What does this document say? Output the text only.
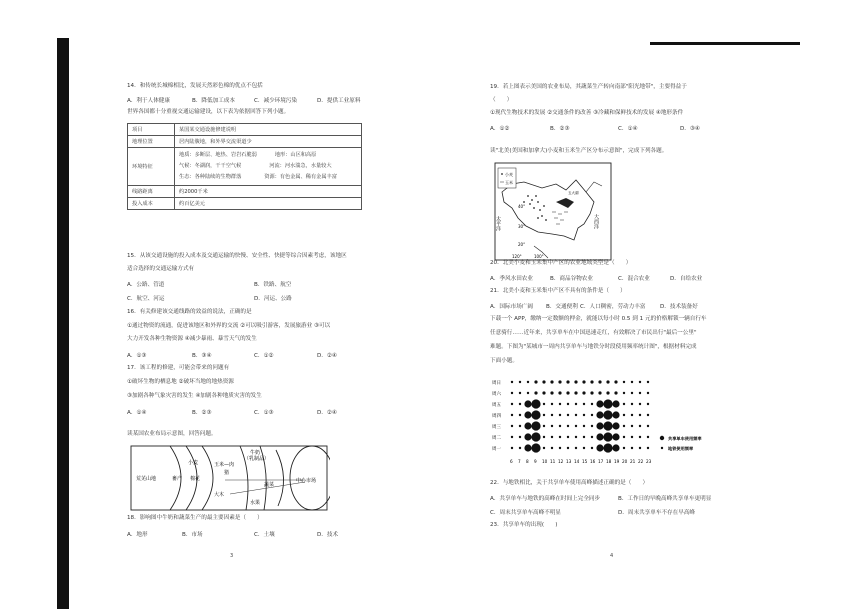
14．和传统长城棉相比，发展天然彩色棉的优点不包括
A．利于人体健康	B．降低加工成本	C．减少环境污染	D．提供工业原料
世界各国都十分重视交通运输建设，以下表为依据回答下列小题。
项目	某国某交通设施修建说明
地理位置	居内陆腹地，和外界交流渠道少
环境特征	地质：多断层、地热、岩岩石脆弱 地形：山区和高原
气候：冬湖润，干干空气候 河流：河水湍急，水量较大
生态：各种陆续的生物群落 资源：有色金属、稀有金属丰富

线路距离	约2000千米
投入成本	约百亿美元
15．从该交通设施的投入成本及交通运输的快慢、安全性、快捷等综合因素考虑，该地区
适合选择的交通运输方式有
A．公路、管道	B．铁路、航空
C．航空、河运	D．河运、公路
16．有关修建该交通线路的效益的说法，正确的是
①通过物资的流通，促进该地区和外界的交流 ②可以吸引游客，发展旅游业 ③可以
大力开发各种生物资源 ④减少暴雨、暴雪天气的发生
A．①③	B．③④	C．①②	D．②④
17．该工程的修建，可能会带来的问题有
①破坏生物的栖息地 ②破坏当地的地热资源
③加剧各种气象灾害的发生 ④加剧各种地质灾害的发生
A．①④	B．②③	C．①③	D．②④
读某国农业布局示意图，回答问题。
荒芜山地	畜产
小麦
棉花
玉米—肉
猪
牛奶
（乳制品）
大木
中心市场
蔬菜
水果
18．影响图中牛奶和蔬菜生产的最主要因素是（　　）
A．地形	B．市场	C．土壤	D．技术
3
19．若上图表示美国的农业布局，其蔬菜生产转向南部"阳光地带"，主要得益于
（　　）
①现代生物技术的发展 ②交通条件的改善 ③冷藏和保鲜技术的发展 ④地形条件
A．①②	B．②③	C．①④	D．③④
读"北美(美国和加拿大)小麦和玉米生产区分布示意图"，完成下列各题。
小麦
玉米
太平洋	大西洋
五大湖
120°	100°
40°
30°
20°
20．北美小麦和玉米集中产区的农业地域类型是（　　）
A．季风水田农业	B．商品谷物农业	C．混合农业	D．自给农业
21．北美小麦和玉米集中产区不具有的条件是（　　）
A．国际市场广阔 B．交通便利 C．人口稠密，劳动力丰富	D．技术装备好
下载一个 APP，缴纳一定数额的押金，就能以每小时 0.5 到 1 元的价格解锁一辆自行车
任意骑行……近年来，共享单车在中国迅速走红，有效解决了市民出行"最后一公里"
难题。下图为"某城市一周内共享单车与地铁分时段使用频率统计图"，根据材料完成
下面小题。
周日
周六
周五
周四
周三
周二
周一
6 7 8 9 10 11 12 13 14 15 16 17 18 19 20 21 22 23
共享单车使用频率
地铁使用频率
22．与地铁相比，关于共享单车使用高峰描述正确的是（　　）
A．共享单车与地铁的高峰在时间上完全同步	B．工作日的早晚高峰共享单车更明显
C．周末共享单车高峰不明显	D．周末共享单车不存在早高峰
23．共享单车的出现(　　)
4
